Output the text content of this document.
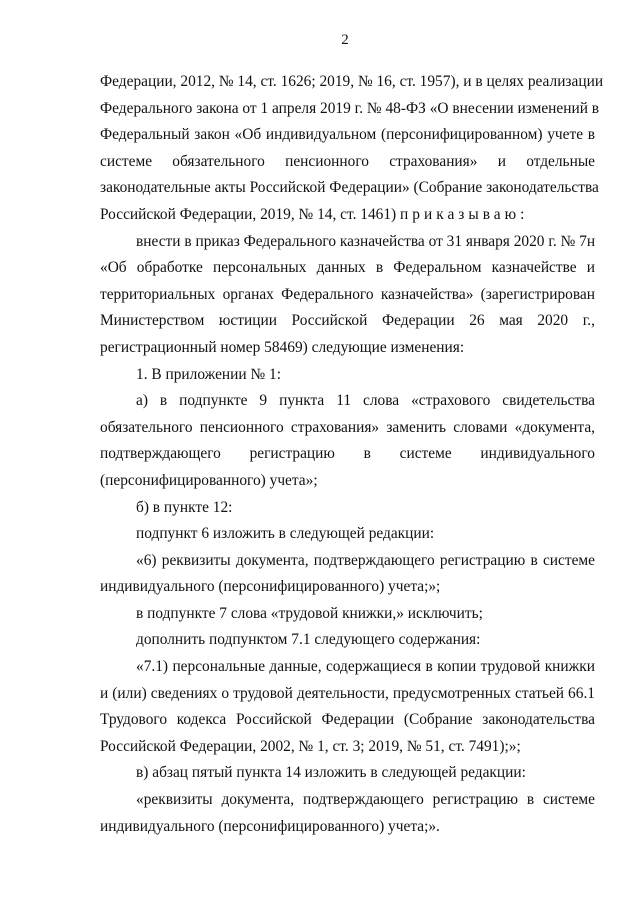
2
Федерации, 2012, № 14, ст. 1626; 2019, № 16, ст. 1957), и в целях реализации
Федерального закона от 1 апреля 2019 г. № 48-ФЗ «О внесении изменений в
Федеральный закон «Об индивидуальном (персонифицированном) учете в
системе обязательного пенсионного страхования» и отдельные
законодательные акты Российской Федерации» (Собрание законодательства
Российской Федерации, 2019, № 14, ст. 1461) приказываю:
внести в приказ Федерального казначейства от 31 января 2020 г. № 7н
«Об обработке персональных данных в Федеральном казначействе и
территориальных органах Федерального казначейства» (зарегистрирован
Министерством юстиции Российской Федерации 26 мая 2020 г.,
регистрационный номер 58469) следующие изменения:
1. В приложении № 1:
а) в подпункте 9 пункта 11 слова «страхового свидетельства
обязательного пенсионного страхования» заменить словами «документа,
подтверждающего регистрацию в системе индивидуального
(персонифицированного) учета»;
б) в пункте 12:
подпункт 6 изложить в следующей редакции:
«6) реквизиты документа, подтверждающего регистрацию в системе
индивидуального (персонифицированного) учета;»;
в подпункте 7 слова «трудовой книжки,» исключить;
дополнить подпунктом 7.1 следующего содержания:
«7.1) персональные данные, содержащиеся в копии трудовой книжки
и (или) сведениях о трудовой деятельности, предусмотренных статьей 66.1
Трудового кодекса Российской Федерации (Собрание законодательства
Российской Федерации, 2002, № 1, ст. 3; 2019, № 51, ст. 7491);»;
в) абзац пятый пункта 14 изложить в следующей редакции:
«реквизиты документа, подтверждающего регистрацию в системе
индивидуального (персонифицированного) учета;».
